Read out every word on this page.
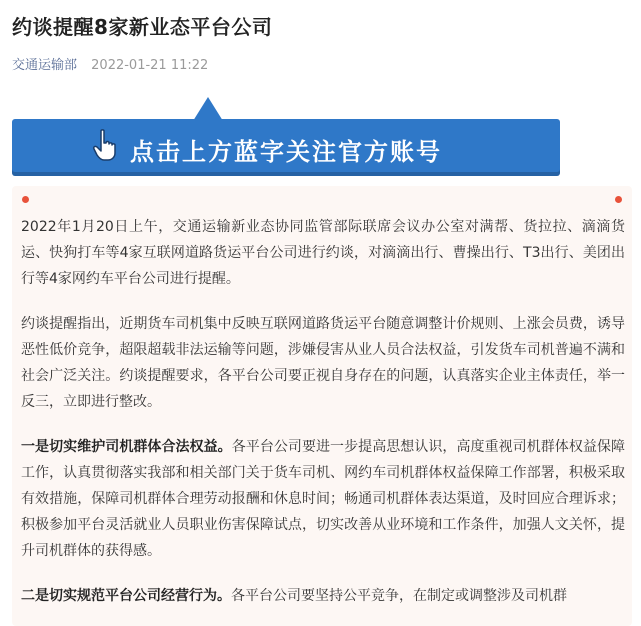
约谈提醒8家新业态平台公司
交通运输部 2022-01-21 11:22
点击上方蓝字关注官方账号
2022年1月20日上午，交通运输新业态协同监管部际联席会议办公室对满帮、货拉拉、滴滴货运、快狗打车等4家互联网道路货运平台公司进行约谈，对滴滴出行、曹操出行、T3出行、美团出行等4家网约车平台公司进行提醒。
约谈提醒指出，近期货车司机集中反映互联网道路货运平台随意调整计价规则、上涨会员费，诱导恶性低价竞争，超限超载非法运输等问题，涉嫌侵害从业人员合法权益，引发货车司机普遍不满和社会广泛关注。约谈提醒要求，各平台公司要正视自身存在的问题，认真落实企业主体责任，举一反三，立即进行整改。
一是切实维护司机群体合法权益。各平台公司要进一步提高思想认识，高度重视司机群体权益保障工作，认真贯彻落实我部和相关部门关于货车司机、网约车司机群体权益保障工作部署，积极采取有效措施，保障司机群体合理劳动报酬和休息时间；畅通司机群体表达渠道，及时回应合理诉求；积极参加平台灵活就业人员职业伤害保障试点，切实改善从业环境和工作条件，加强人文关怀，提升司机群体的获得感。
二是切实规范平台公司经营行为。各平台公司要坚持公平竞争，在制定或调整涉及司机群
